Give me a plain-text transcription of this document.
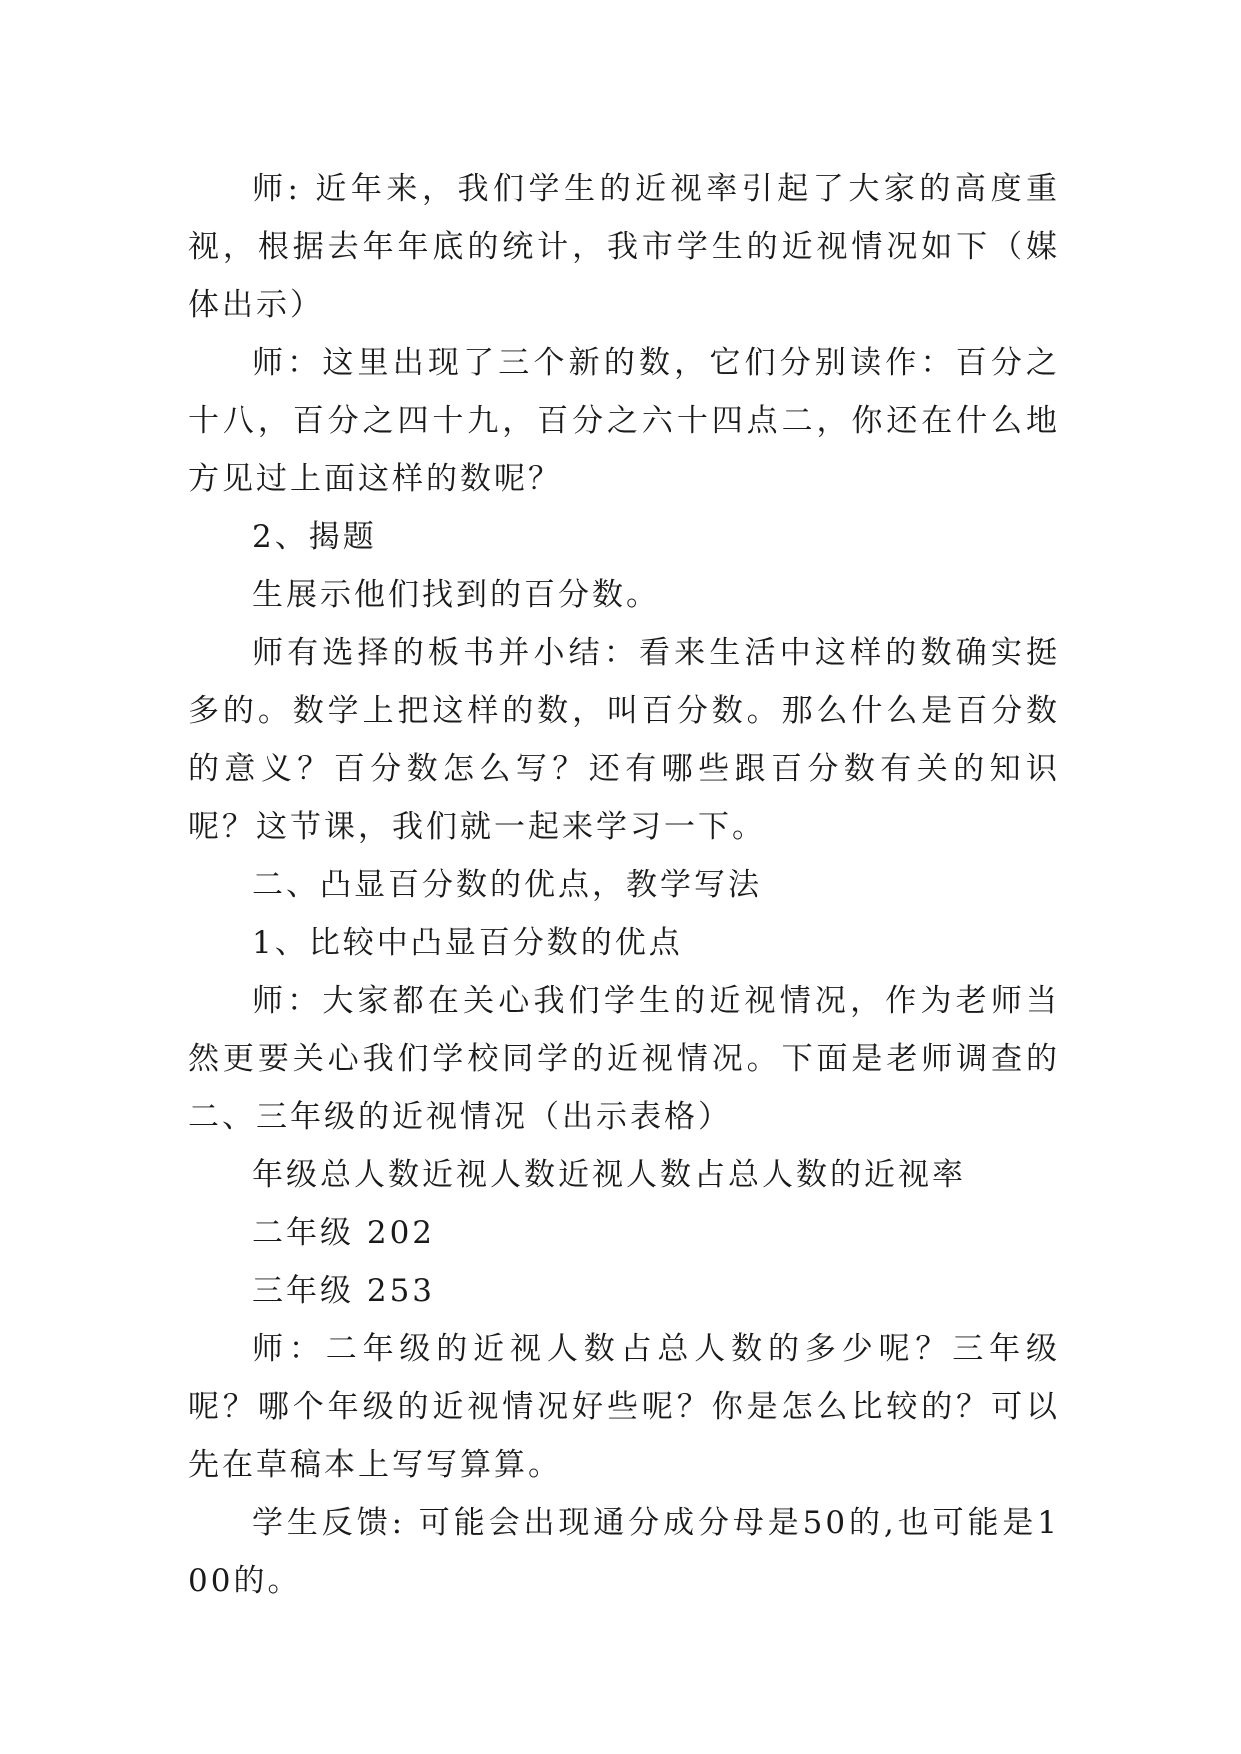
师: 近年来，我们学生的近视率引起了大家的高度重视，根据去年年底的统计，我市学生的近视情况如下（媒体出示）

师：这里出现了三个新的数，它们分别读作：百分之十八，百分之四十九，百分之六十四点二，你还在什么地方见过上面这样的数呢？

2、揭题

生展示他们找到的百分数。

师有选择的板书并小结：看来生活中这样的数确实挺多的。数学上把这样的数，叫百分数。那么什么是百分数的意义？百分数怎么写？还有哪些跟百分数有关的知识呢？这节课，我们就一起来学习一下。

二、凸显百分数的优点，教学写法

1、比较中凸显百分数的优点

师：大家都在关心我们学生的近视情况，作为老师当然更要关心我们学校同学的近视情况。下面是老师调查的二、三年级的近视情况（出示表格）

年级总人数近视人数近视人数占总人数的近视率

二年级 202

三年级 253

师：二年级的近视人数占总人数的多少呢？三年级呢？哪个年级的近视情况好些呢？你是怎么比较的？可以先在草稿本上写写算算。

学生反馈: 可能会出现通分成分母是50的,也可能是100的。
